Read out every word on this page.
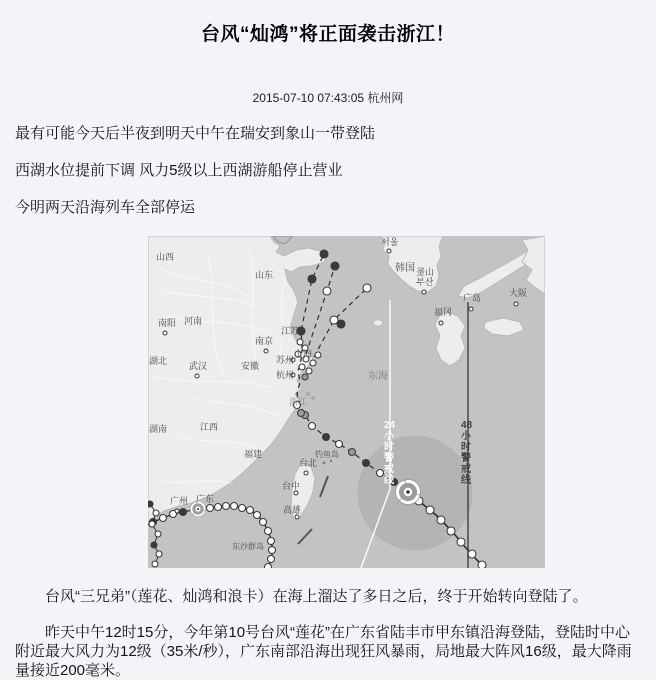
台风“灿鸿”将正面袭击浙江！

2015-07-10 07:43:05 杭州网

最有可能今天后半夜到明天中午在瑞安到象山一带登陆

西湖水位提前下调 风力5级以上西湖游船停止营业

今明两天沿海列车全部停运

24 小时警戒线
48 小时警戒线
山西
山东
河南
南阳
湖北 武汉	安徽
江苏
南京
苏州
杭州
上海
浙江
湖南	江西
福建
广州 广东
东沙群岛
钓鱼岛
台北
台中
高雄
东海
韩国 釜山
부산
서울
福冈
广岛	大阪

台风“三兄弟”（莲花、灿鸿和浪卡）在海上溜达了多日之后，终于开始转向登陆了。

昨天中午12时15分，今年第10号台风“莲花”在广东省陆丰市甲东镇沿海登陆，登陆时中心附近最大风力为12级（35米/秒），广东南部沿海出现狂风暴雨，局地最大阵风16级，最大降雨量接近200毫米。
